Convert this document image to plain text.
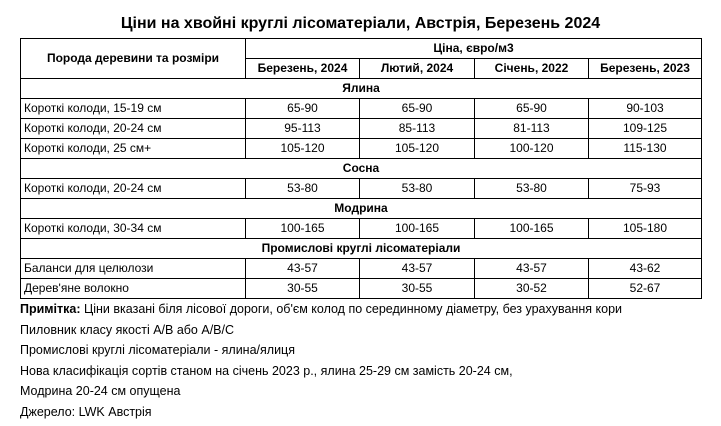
Ціни на хвойні круглі лісоматеріали, Австрія, Березень 2024
Порода деревини та розміри	Ціна, євро/м3			
	Березень, 2024	Лютий, 2024	Січень, 2022	Березень, 2023
Ялина				
Короткі колоди, 15-19 см	65-90	65-90	65-90	90-103
Короткі колоди, 20-24 см	95-113	85-113	81-113	109-125
Короткі колоди, 25 см+	105-120	105-120	100-120	115-130
Сосна				
Короткі колоди, 20-24 см	53-80	53-80	53-80	75-93
Модрина				
Короткі колоди, 30-34 см	100-165	100-165	100-165	105-180
Промислові круглі лісоматеріали				
Баланси для целюлози	43-57	43-57	43-57	43-62
Дерев'яне волокно	30-55	30-55	30-52	52-67
Примітка: Ціни вказані біля лісової дороги, об'єм колод по серединному діаметру, без урахування кори
Пиловник класу якості А/В або А/В/С
Промислові круглі лісоматеріали - ялина/ялиця
Нова класифікація сортів станом на січень 2023 р., ялина 25-29 см замість 20-24 см,
Модрина 20-24 см опущена
Джерело: LWK Австрія
